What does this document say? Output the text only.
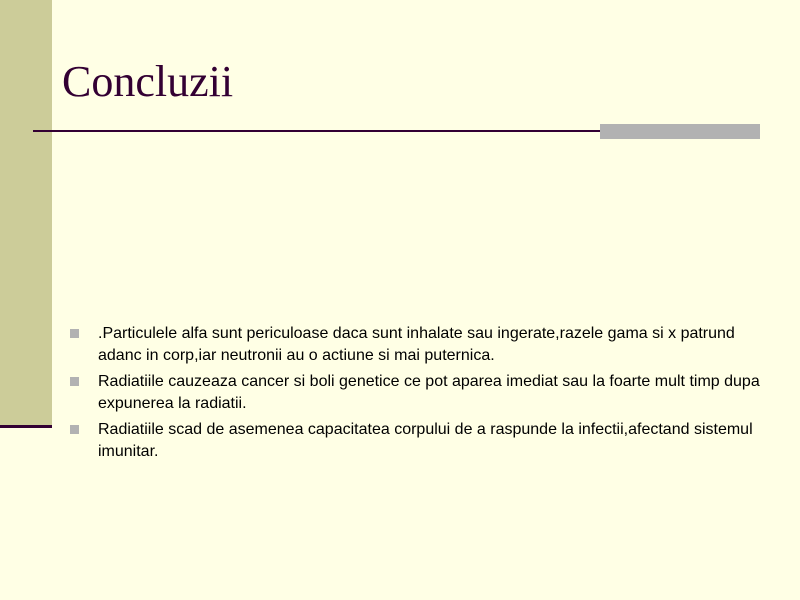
Concluzii
.Particulele alfa sunt periculoase daca sunt inhalate sau ingerate,razele gama si x patrund adanc in corp,iar neutronii au o actiune si mai puternica.
Radiatiile cauzeaza cancer si boli genetice ce pot aparea imediat sau la foarte mult timp dupa expunerea la radiatii.
Radiatiile scad de asemenea capacitatea corpului de a raspunde la infectii,afectand sistemul imunitar.
